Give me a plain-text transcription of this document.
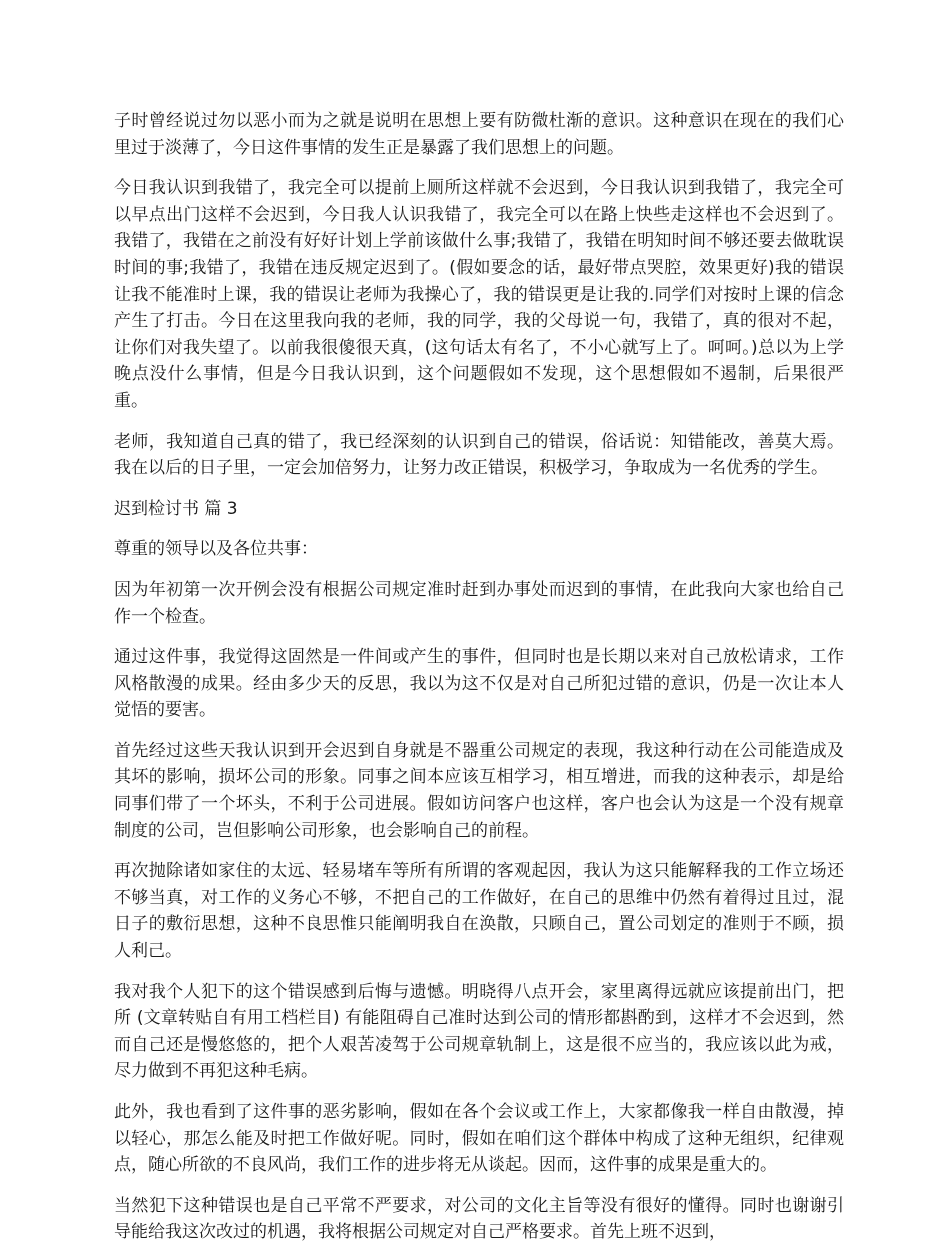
子时曾经说过勿以恶小而为之就是说明在思想上要有防微杜渐的意识。这种意识在现在的我们心里过于淡薄了，今日这件事情的发生正是暴露了我们思想上的问题。

今日我认识到我错了，我完全可以提前上厕所这样就不会迟到，今日我认识到我错了，我完全可以早点出门这样不会迟到，今日我人认识我错了，我完全可以在路上快些走这样也不会迟到了。我错了，我错在之前没有好好计划上学前该做什么事;我错了，我错在明知时间不够还要去做耽误时间的事;我错了，我错在违反规定迟到了。(假如要念的话，最好带点哭腔，效果更好)我的错误让我不能准时上课，我的错误让老师为我操心了，我的错误更是让我的.同学们对按时上课的信念产生了打击。今日在这里我向我的老师，我的同学，我的父母说一句，我错了，真的很对不起，让你们对我失望了。以前我很傻很天真，(这句话太有名了，不小心就写上了。呵呵。)总以为上学晚点没什么事情，但是今日我认识到，这个问题假如不发现，这个思想假如不遏制，后果很严重。

老师，我知道自己真的错了，我已经深刻的认识到自己的错误，俗话说：知错能改，善莫大焉。我在以后的日子里，一定会加倍努力，让努力改正错误，积极学习，争取成为一名优秀的学生。

迟到检讨书 篇 3

尊重的领导以及各位共事：

因为年初第一次开例会没有根据公司规定准时赶到办事处而迟到的事情，在此我向大家也给自己作一个检查。

通过这件事，我觉得这固然是一件间或产生的事件，但同时也是长期以来对自己放松请求，工作风格散漫的成果。经由多少天的反思，我以为这不仅是对自己所犯过错的意识，仍是一次让本人觉悟的要害。

首先经过这些天我认识到开会迟到自身就是不器重公司规定的表现，我这种行动在公司能造成及其坏的影响，损坏公司的形象。同事之间本应该互相学习，相互增进，而我的这种表示，却是给同事们带了一个坏头，不利于公司进展。假如访问客户也这样，客户也会认为这是一个没有规章制度的公司，岂但影响公司形象，也会影响自己的前程。

再次抛除诸如家住的太远、轻易堵车等所有所谓的客观起因，我认为这只能解释我的工作立场还不够当真，对工作的义务心不够，不把自己的工作做好，在自己的思维中仍然有着得过且过，混日子的敷衍思想，这种不良思惟只能阐明我自在涣散，只顾自己，置公司划定的准则于不顾，损人利己。

我对我个人犯下的这个错误感到后悔与遗憾。明晓得八点开会，家里离得远就应该提前出门，把所 (文章转贴自有用工档栏目) 有能阻碍自己准时达到公司的情形都斟酌到，这样才不会迟到，然而自己还是慢悠悠的，把个人艰苦凌驾于公司规章轨制上，这是很不应当的，我应该以此为戒，尽力做到不再犯这种毛病。

此外，我也看到了这件事的恶劣影响，假如在各个会议或工作上，大家都像我一样自由散漫，掉以轻心，那怎么能及时把工作做好呢。同时，假如在咱们这个群体中构成了这种无组织，纪律观点，随心所欲的不良风尚，我们工作的进步将无从谈起。因而，这件事的成果是重大的。

当然犯下这种错误也是自己平常不严要求，对公司的文化主旨等没有很好的懂得。同时也谢谢引导能给我这次改过的机遇，我将根据公司规定对自己严格要求。首先上班不迟到，
